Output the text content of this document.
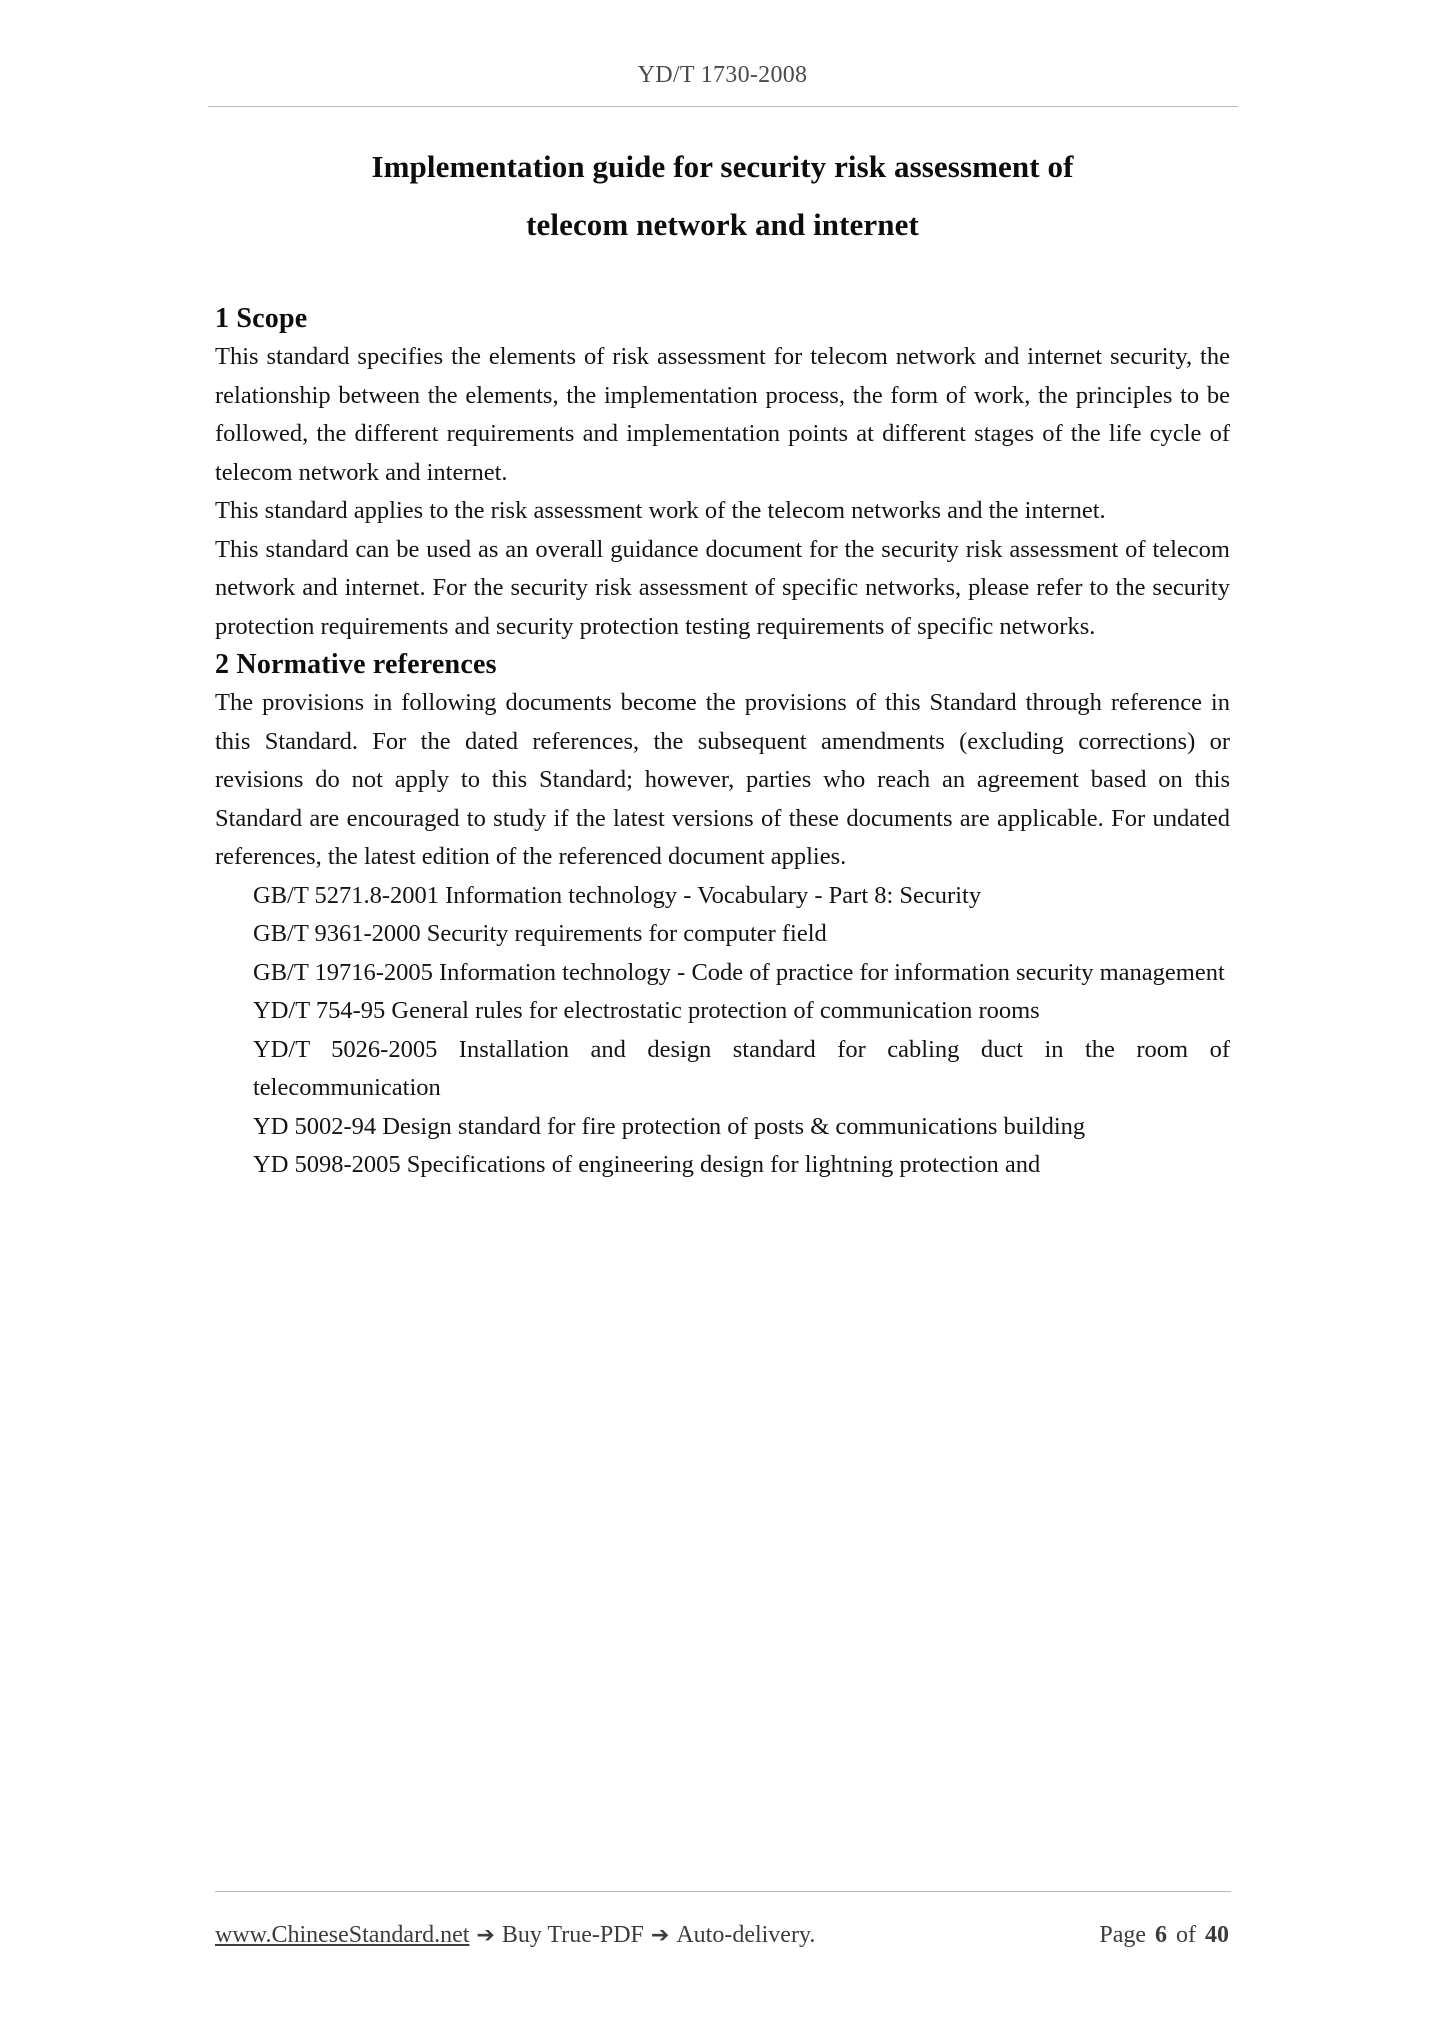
YD/T 1730-2008
Implementation guide for security risk assessment of
telecom network and internet
1 Scope

This standard specifies the elements of risk assessment for telecom network and internet security, the relationship between the elements, the implementation process, the form of work, the principles to be followed, the different requirements and implementation points at different stages of the life cycle of telecom network and internet.

This standard applies to the risk assessment work of the telecom networks and the internet.

This standard can be used as an overall guidance document for the security risk assessment of telecom network and internet. For the security risk assessment of specific networks, please refer to the security protection requirements and security protection testing requirements of specific networks.

2 Normative references

The provisions in following documents become the provisions of this Standard through reference in this Standard. For the dated references, the subsequent amendments (excluding corrections) or revisions do not apply to this Standard; however, parties who reach an agreement based on this Standard are encouraged to study if the latest versions of these documents are applicable. For undated references, the latest edition of the referenced document applies.

GB/T 5271.8-2001 Information technology - Vocabulary - Part 8: Security

GB/T 9361-2000 Security requirements for computer field

GB/T 19716-2005 Information technology - Code of practice for information security management

YD/T 754-95 General rules for electrostatic protection of communication rooms

YD/T 5026-2005 Installation and design standard for cabling duct in the room of telecommunication

YD 5002-94 Design standard for fire protection of posts & communications building

YD 5098-2005 Specifications of engineering design for lightning protection and

www.ChineseStandard.net ➔ Buy True-PDF ➔ Auto-delivery.	Page 6 of 40
